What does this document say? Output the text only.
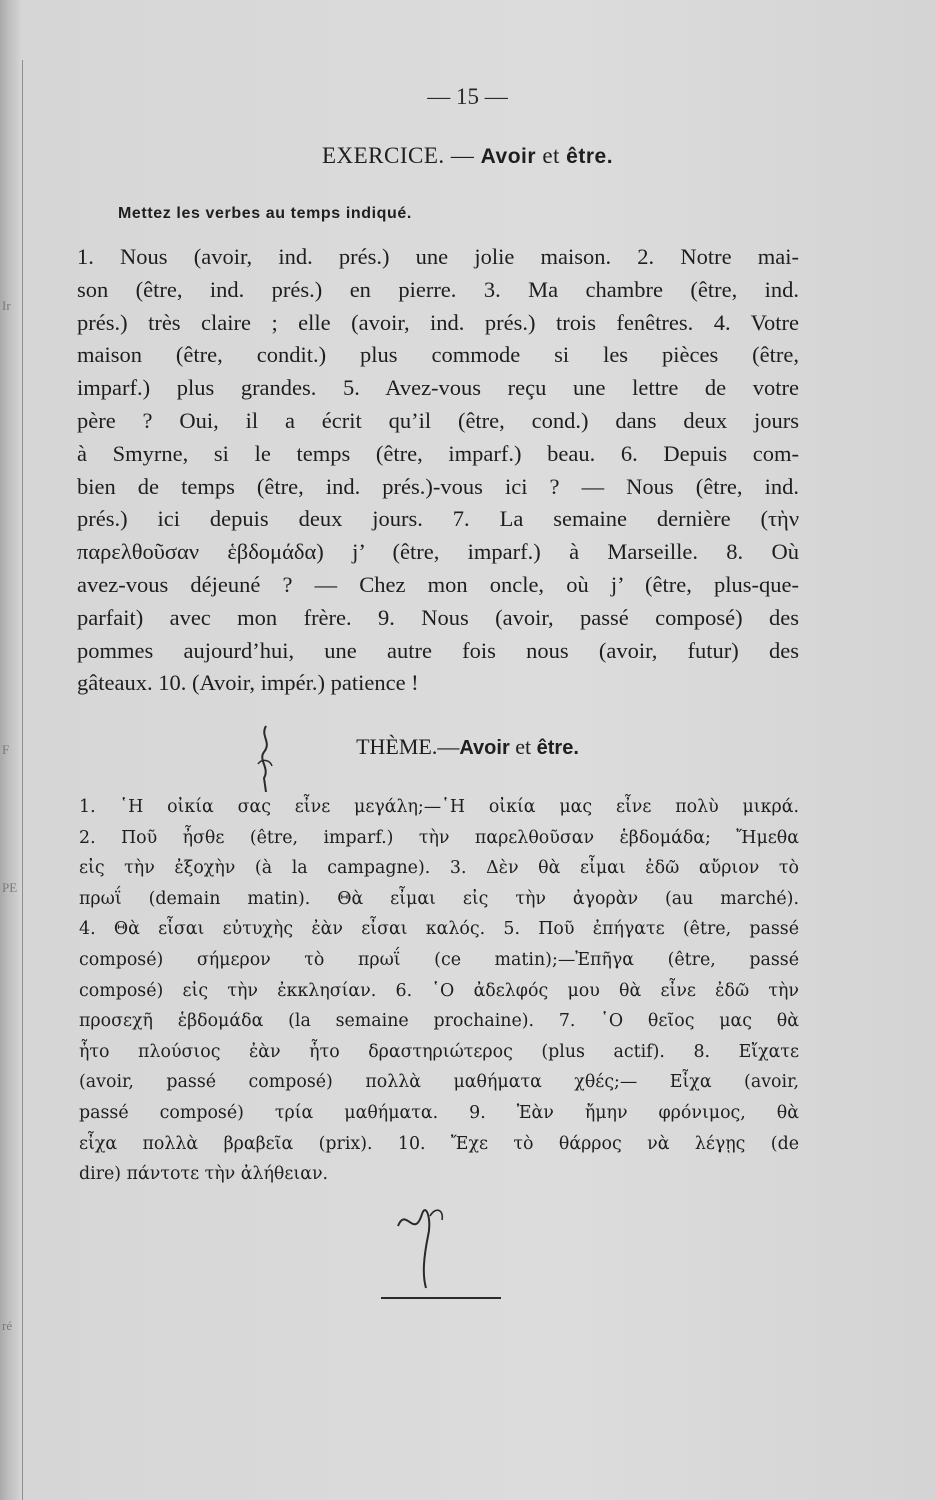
Ir
F
PE
ré
— 15 —
EXERCICE. — Avoir et être.
Mettez les verbes au temps indiqué.
1. Nous (avoir, ind. prés.) une jolie maison. 2. Notre mai-
son (être, ind. prés.) en pierre. 3. Ma chambre (être, ind.
prés.) très claire ; elle (avoir, ind. prés.) trois fenêtres. 4. Votre
maison (être, condit.) plus commode si les pièces (être,
imparf.) plus grandes. 5. Avez-vous reçu une lettre de votre
père ? Oui, il a écrit qu’il (être, cond.) dans deux jours
à Smyrne, si le temps (être, imparf.) beau. 6. Depuis com-
bien de temps (être, ind. prés.)-vous ici ? — Nous (être, ind.
prés.) ici depuis deux jours. 7. La semaine dernière (τὴν
παρελθοῦσαν ἑβδομάδα) j’ (être, imparf.) à Marseille. 8. Où
avez-vous déjeuné ? — Chez mon oncle, où j’ (être, plus-que-
parfait) avec mon frère. 9. Nous (avoir, passé composé) des
pommes aujourd’hui, une autre fois nous (avoir, futur) des
gâteaux. 10. (Avoir, impér.) patience !
THÈME.—Avoir et être.
1. ῾Η οἰκία σας εἶνε μεγάλη;—῾Η οἰκία μας εἶνε πολὺ μικρά.
2. Ποῦ ἦσθε (être, imparf.) τὴν παρελθοῦσαν ἑβδομάδα; Ἤμεθα
εἰς τὴν ἐξοχὴν (à la campagne). 3. Δὲν θὰ εἶμαι ἐδῶ αὔριον τὸ
πρωΐ (demain matin). Θὰ εἶμαι εἰς τὴν ἀγορὰν (au marché).
4. Θὰ εἶσαι εὐτυχὴς ἐὰν εἶσαι καλός. 5. Ποῦ ἐπήγατε (être, passé
composé) σήμερον τὸ πρωΐ (ce matin);—Ἐπῆγα (être, passé
composé) εἰς τὴν ἐκκλησίαν. 6. ῾Ο ἀδελφός μου θὰ εἶνε ἐδῶ τὴν
προσεχῆ ἑβδομάδα (la semaine prochaine). 7. ῾Ο θεῖος μας θὰ
ἦτο πλούσιος ἐὰν ἦτο δραστηριώτερος (plus actif). 8. Εἴχατε
(avoir, passé composé) πολλὰ μαθήματα χθές;— Εἶχα (avoir,
passé composé) τρία μαθήματα. 9. Ἐὰν ἤμην φρόνιμος, θὰ
εἶχα πολλὰ βραβεῖα (prix). 10. Ἔχε τὸ θάρρος νὰ λέγῃς (de
dire) πάντοτε τὴν ἀλήθειαν.
